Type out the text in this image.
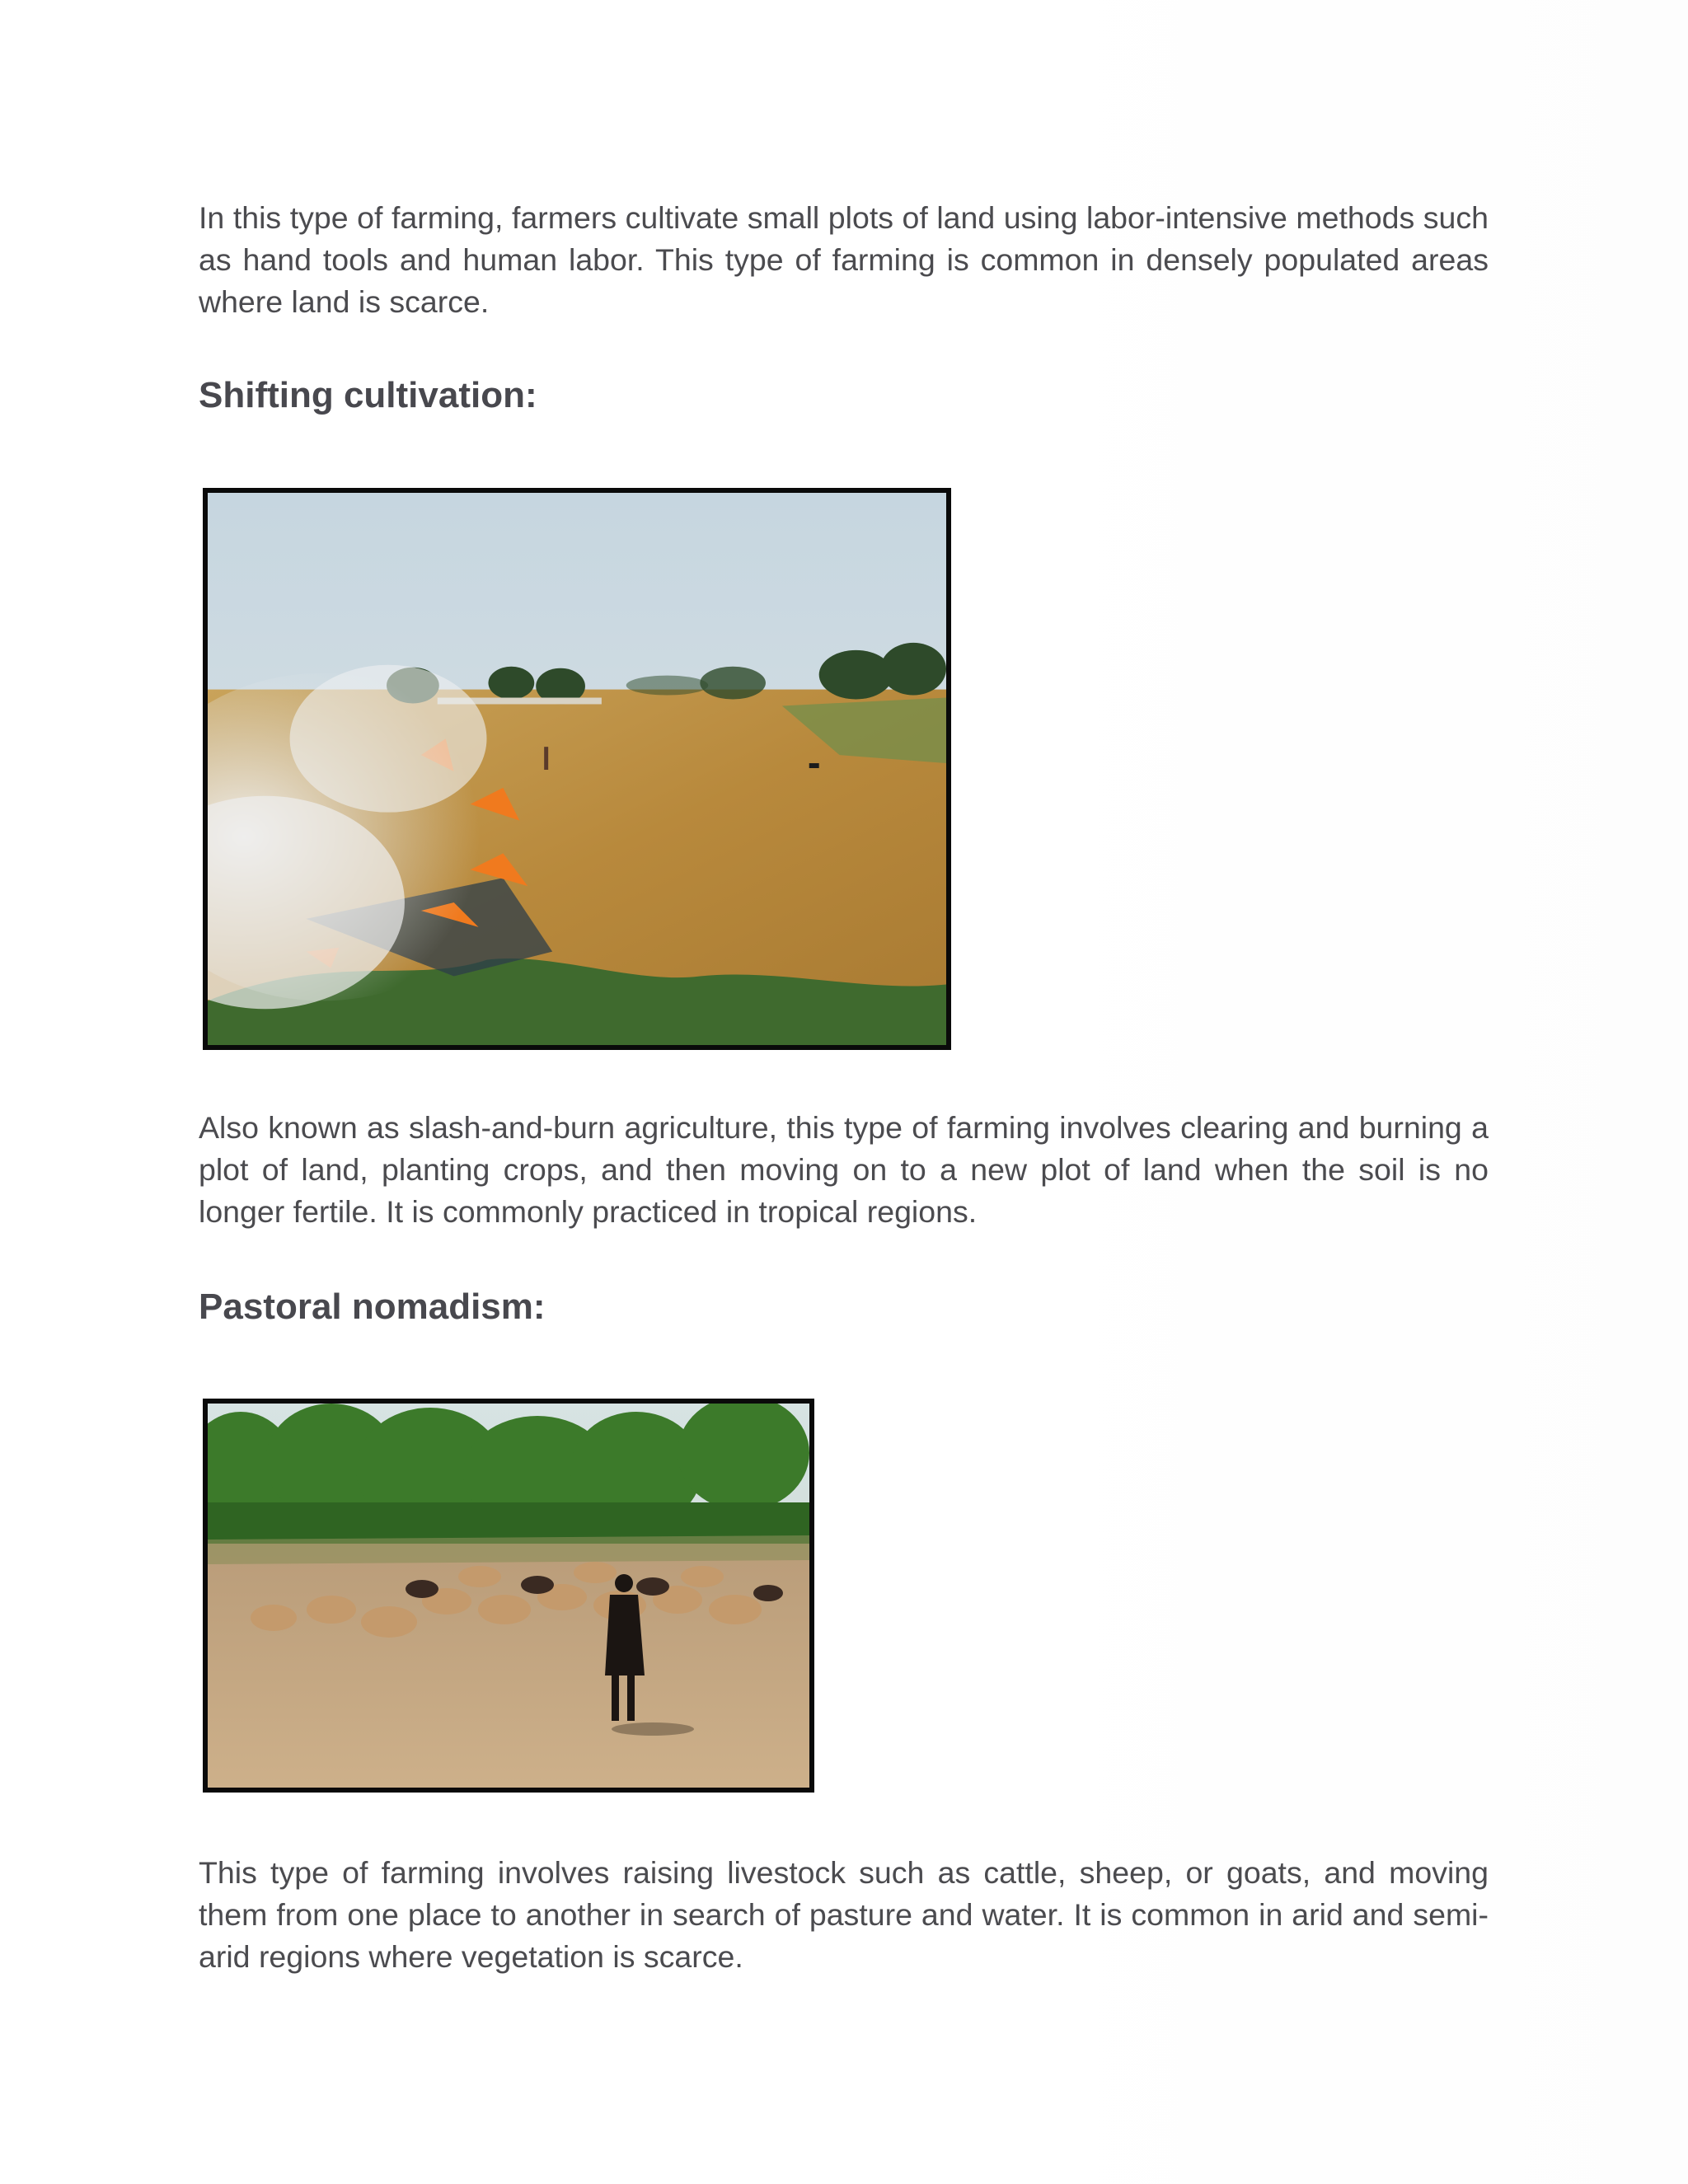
In this type of farming, farmers cultivate small plots of land using labor-intensive methods such as hand tools and human labor. This type of farming is common in densely populated areas where land is scarce.

Shifting cultivation:

Also known as slash-and-burn agriculture, this type of farming involves clearing and burning a plot of land, planting crops, and then moving on to a new plot of land when the soil is no longer fertile. It is commonly practiced in tropical regions.

Pastoral nomadism:

This type of farming involves raising livestock such as cattle, sheep, or goats, and moving them from one place to another in search of pasture and water. It is common in arid and semi-arid regions where vegetation is scarce.
